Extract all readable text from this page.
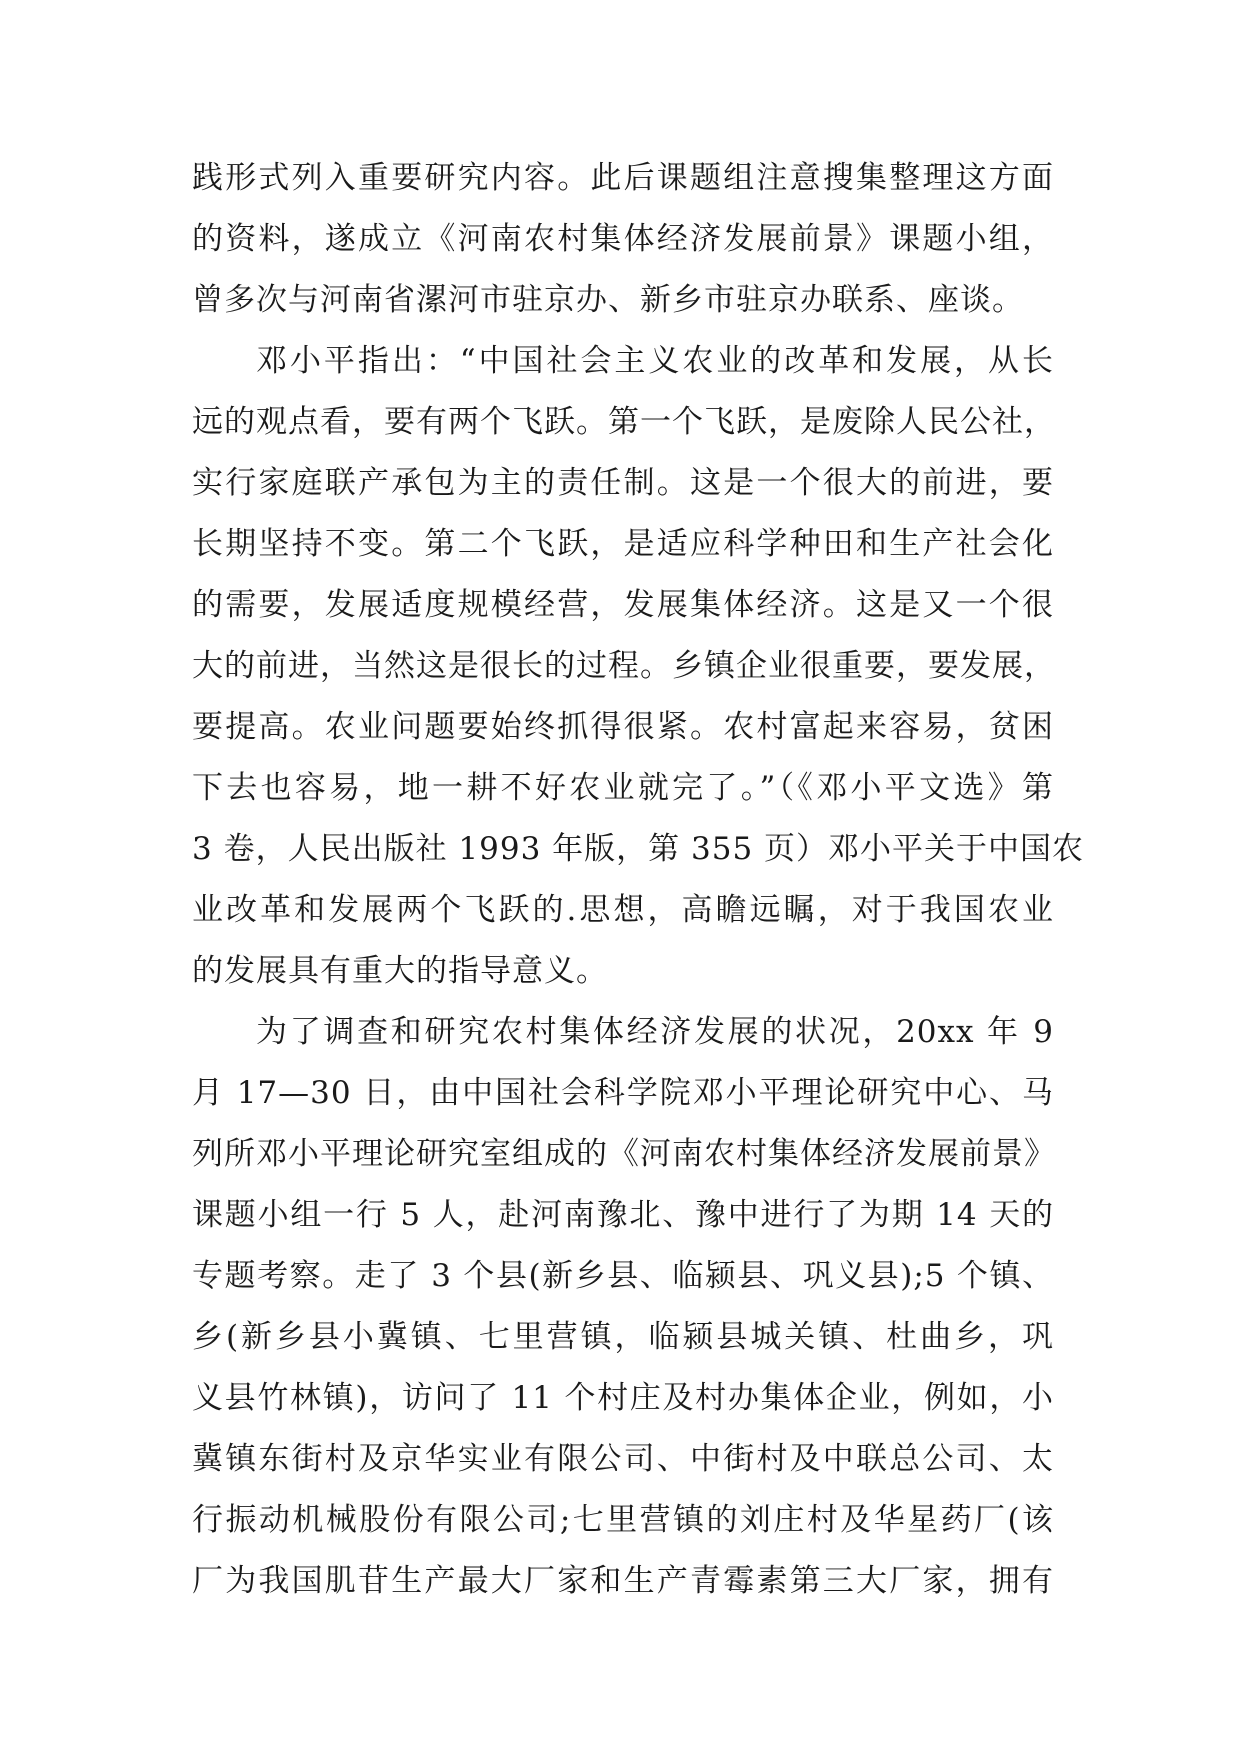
践形式列入重要研究内容。此后课题组注意搜集整理这方面
的资料，遂成立《河南农村集体经济发展前景》课题小组，
曾多次与河南省漯河市驻京办、新乡市驻京办联系、座谈。
邓小平指出：“中国社会主义农业的改革和发展，从长
远的观点看，要有两个飞跃。第一个飞跃，是废除人民公社，
实行家庭联产承包为主的责任制。这是一个很大的前进，要
长期坚持不变。第二个飞跃，是适应科学种田和生产社会化
的需要，发展适度规模经营，发展集体经济。这是又一个很
大的前进，当然这是很长的过程。乡镇企业很重要，要发展，
要提高。农业问题要始终抓得很紧。农村富起来容易，贫困
下去也容易，地一耕不好农业就完了。”（《邓小平文选》第
3 卷，人民出版社 1993 年版，第 355 页）邓小平关于中国农
业改革和发展两个飞跃的.思想，高瞻远瞩，对于我国农业
的发展具有重大的指导意义。
为了调查和研究农村集体经济发展的状况，20xx 年 9
月 17—30 日，由中国社会科学院邓小平理论研究中心、马
列所邓小平理论研究室组成的《河南农村集体经济发展前景》
课题小组一行 5 人，赴河南豫北、豫中进行了为期 14 天的
专题考察。走了 3 个县(新乡县、临颍县、巩义县);5 个镇、
乡(新乡县小冀镇、七里营镇，临颍县城关镇、杜曲乡，巩
义县竹林镇)，访问了 11 个村庄及村办集体企业，例如，小
冀镇东街村及京华实业有限公司、中街村及中联总公司、太
行振动机械股份有限公司;七里营镇的刘庄村及华星药厂(该
厂为我国肌苷生产最大厂家和生产青霉素第三大厂家，拥有
